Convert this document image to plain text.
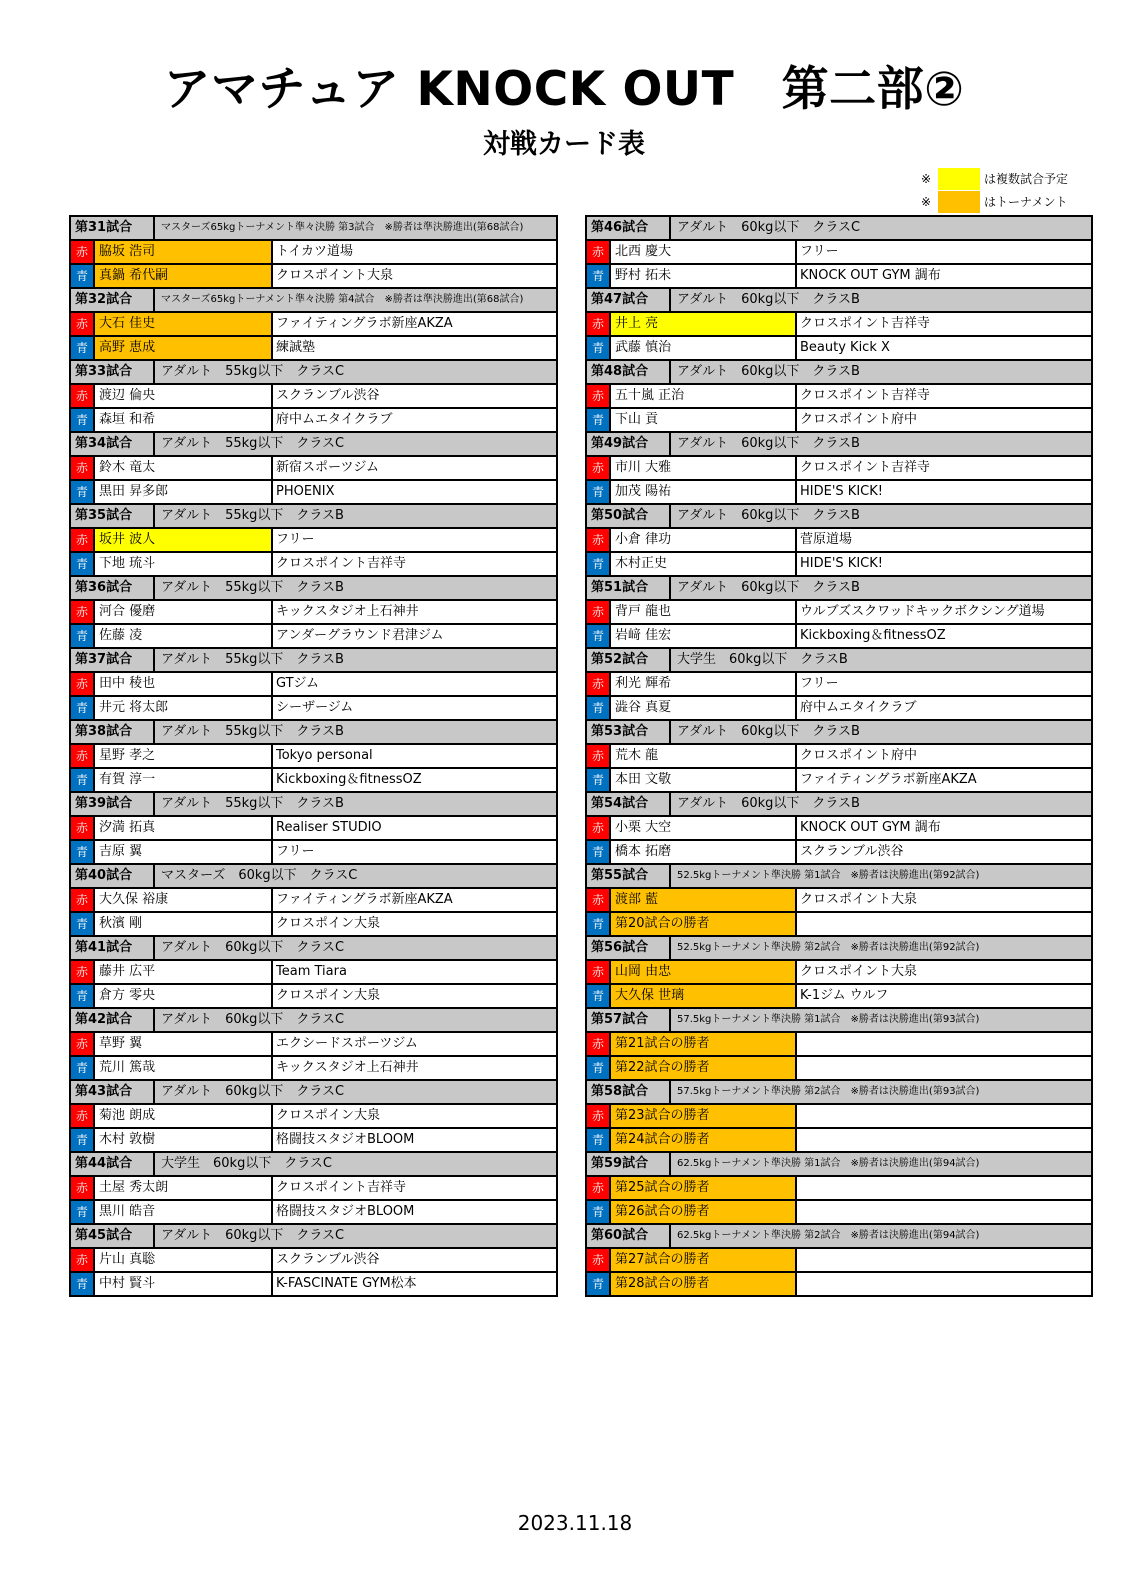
アマチュア KNOCK OUT　第二部②
対戦カード表
※	は複数試合予定
※	はトーナメント
第31試合	マスターズ65kgトーナメント準々決勝 第3試合　※勝者は準決勝進出(第68試合)
赤 脇坂 浩司	トイカツ道場
青 真鍋 希代嗣	クロスポイント大泉
第32試合	マスターズ65kgトーナメント準々決勝 第4試合　※勝者は準決勝進出(第68試合)
赤 大石 佳史	ファイティングラボ新座AKZA
青 高野 恵成	練誠塾
第33試合	アダルト　55kg以下　クラスC
赤 渡辺 倫央	スクランブル渋谷
青 森垣 和希	府中ムエタイクラブ
第34試合	アダルト　55kg以下　クラスC
赤 鈴木 竜太	新宿スポーツジム
青 黒田 昇多郎	PHOENIX
第35試合	アダルト　55kg以下　クラスB
赤 坂井 波人	フリー
青 下地 琉斗	クロスポイント吉祥寺
第36試合	アダルト　55kg以下　クラスB
赤 河合 優磨	キックスタジオ上石神井
青 佐藤 凌	アンダーグラウンド君津ジム
第37試合	アダルト　55kg以下　クラスB
赤 田中 稜也	GTジム
青 井元 将太郎	シーザージム
第38試合	アダルト　55kg以下　クラスB
赤 星野 孝之	Tokyo personal
青 有賀 淳一	Kickboxing＆fitnessOZ
第39試合	アダルト　55kg以下　クラスB
赤 汐満 拓真	Realiser STUDIO
青 吉原 翼	フリー
第40試合	マスターズ　60kg以下　クラスC
赤 大久保 裕康	ファイティングラボ新座AKZA
青 秋濱 剛	クロスポイン大泉
第41試合	アダルト　60kg以下　クラスC
赤 藤井 広平	Team Tiara
青 倉方 零央	クロスポイン大泉
第42試合	アダルト　60kg以下　クラスC
赤 草野 翼	エクシードスポーツジム
青 荒川 篤哉	キックスタジオ上石神井
第43試合	アダルト　60kg以下　クラスC
赤 菊池 朗成	クロスポイン大泉
青 木村 敦樹	格闘技スタジオBLOOM
第44試合	大学生　60kg以下　クラスC
赤 土屋 秀太朗	クロスポイント吉祥寺
青 黒川 皓音	格闘技スタジオBLOOM
第45試合	アダルト　60kg以下　クラスC
赤 片山 真聡	スクランブル渋谷
青 中村 賢斗	K-FASCINATE GYM松本
第46試合	アダルト　60kg以下　クラスC
赤 北西 慶大	フリー
青 野村 拓未	KNOCK OUT GYM 調布
第47試合	アダルト　60kg以下　クラスB
赤 井上 亮	クロスポイント吉祥寺
青 武藤 慎治	Beauty Kick X
第48試合	アダルト　60kg以下　クラスB
赤 五十嵐 正治	クロスポイント吉祥寺
青 下山 貢	クロスポイント府中
第49試合	アダルト　60kg以下　クラスB
赤 市川 大雅	クロスポイント吉祥寺
青 加茂 陽祐	HIDE'S KICK!
第50試合	アダルト　60kg以下　クラスB
赤 小倉 律功	菅原道場
青 木村正史	HIDE'S KICK!
第51試合	アダルト　60kg以下　クラスB
赤 背戸 龍也	ウルブズスクワッドキックボクシング道場
青 岩﨑 佳宏	Kickboxing＆fitnessOZ
第52試合	大学生　60kg以下　クラスB
赤 利光 輝希	フリー
青 澁谷 真夏	府中ムエタイクラブ
第53試合	アダルト　60kg以下　クラスB
赤 荒木 龍	クロスポイント府中
青 本田 文敬	ファイティングラボ新座AKZA
第54試合	アダルト　60kg以下　クラスB
赤 小栗 大空	KNOCK OUT GYM 調布
青 橋本 拓磨	スクランブル渋谷
第55試合	52.5kgトーナメント準決勝 第1試合　※勝者は決勝進出(第92試合)
赤 渡部 藍	クロスポイント大泉
青 第20試合の勝者
第56試合	52.5kgトーナメント準決勝 第2試合　※勝者は決勝進出(第92試合)
赤 山岡 由忠	クロスポイント大泉
青 大久保 世璃	K-1ジム ウルフ
第57試合	57.5kgトーナメント準決勝 第1試合　※勝者は決勝進出(第93試合)
赤 第21試合の勝者
青 第22試合の勝者
第58試合	57.5kgトーナメント準決勝 第2試合　※勝者は決勝進出(第93試合)
赤 第23試合の勝者
青 第24試合の勝者
第59試合	62.5kgトーナメント準決勝 第1試合　※勝者は決勝進出(第94試合)
赤 第25試合の勝者
青 第26試合の勝者
第60試合	62.5kgトーナメント準決勝 第2試合　※勝者は決勝進出(第94試合)
赤 第27試合の勝者
青 第28試合の勝者
2023.11.18
